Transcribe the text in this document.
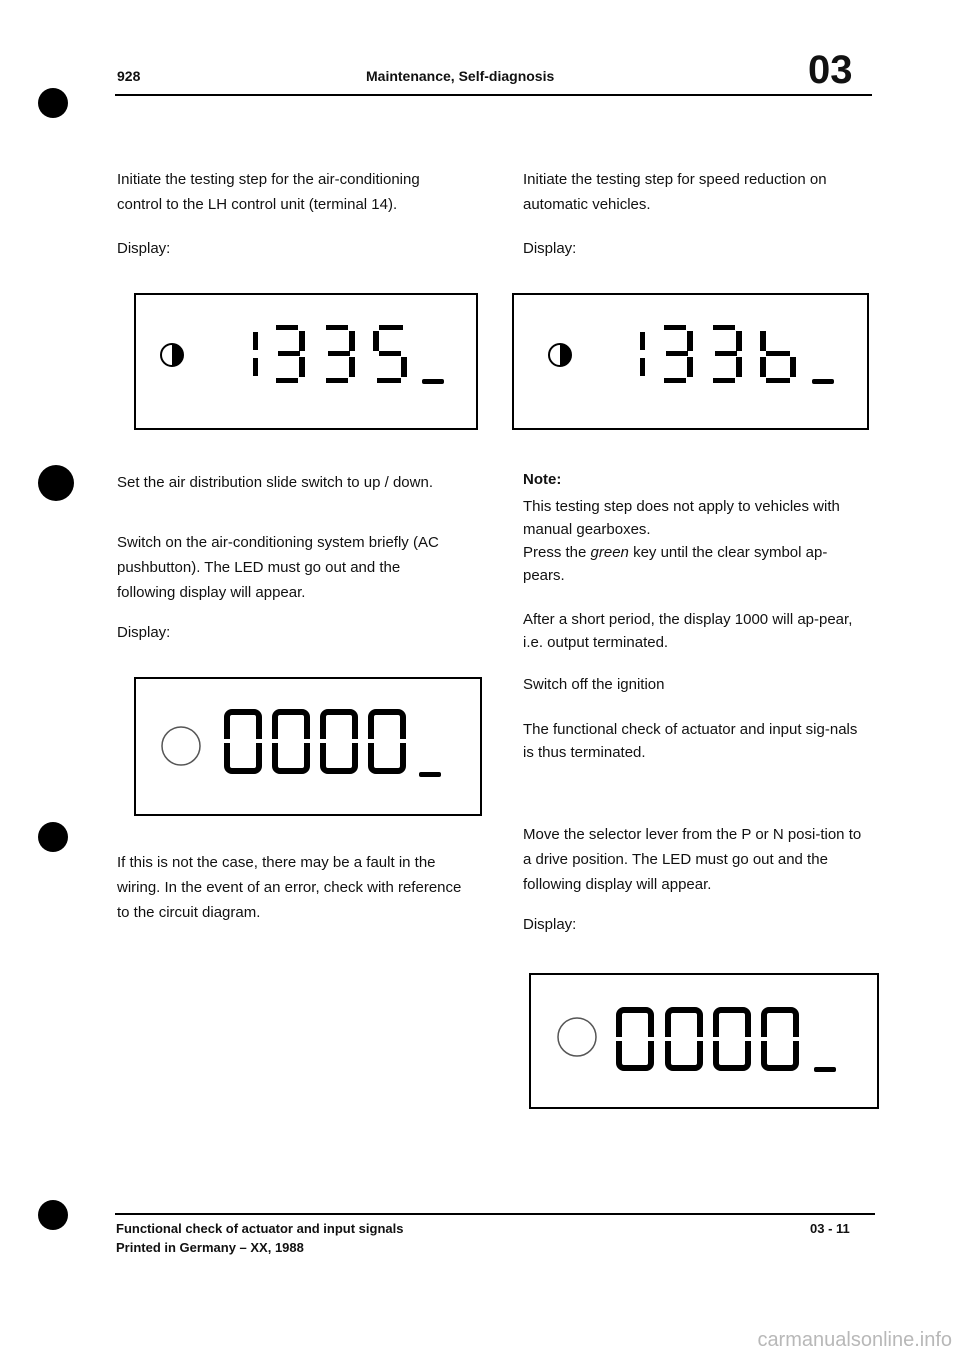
928	Maintenance, Self-diagnosis	03

Initiate the testing step for the air-conditioning control to the LH control unit (terminal 14).

Display:

Set the air distribution slide switch to up / down.

Switch on the air-conditioning system briefly (AC pushbutton). The LED must go out and the following display will appear.

Display:

If this is not the case, there may be a fault in the wiring. In the event of an error, check with reference to the circuit diagram.

Initiate the testing step for speed reduction on automatic vehicles.

Display:
Note:

This testing step does not apply to vehicles with manual gearboxes.

Press the green key until the clear symbol ap-pears.

After a short period, the display 1000 will ap-pear, i.e. output terminated.

Switch off the ignition

The functional check of actuator and input sig-nals is thus terminated.

Move the selector lever from the P or N posi-tion to a drive position. The LED must go out and the following display will appear.

Display:
Functional check of actuator and input signals
Printed in Germany – XX, 1988
03 - 11
carmanualsonline.info
